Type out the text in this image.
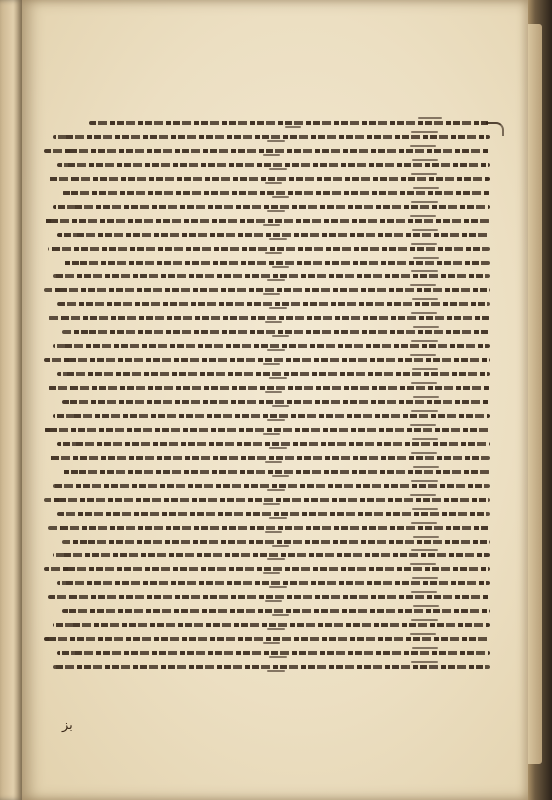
بز
